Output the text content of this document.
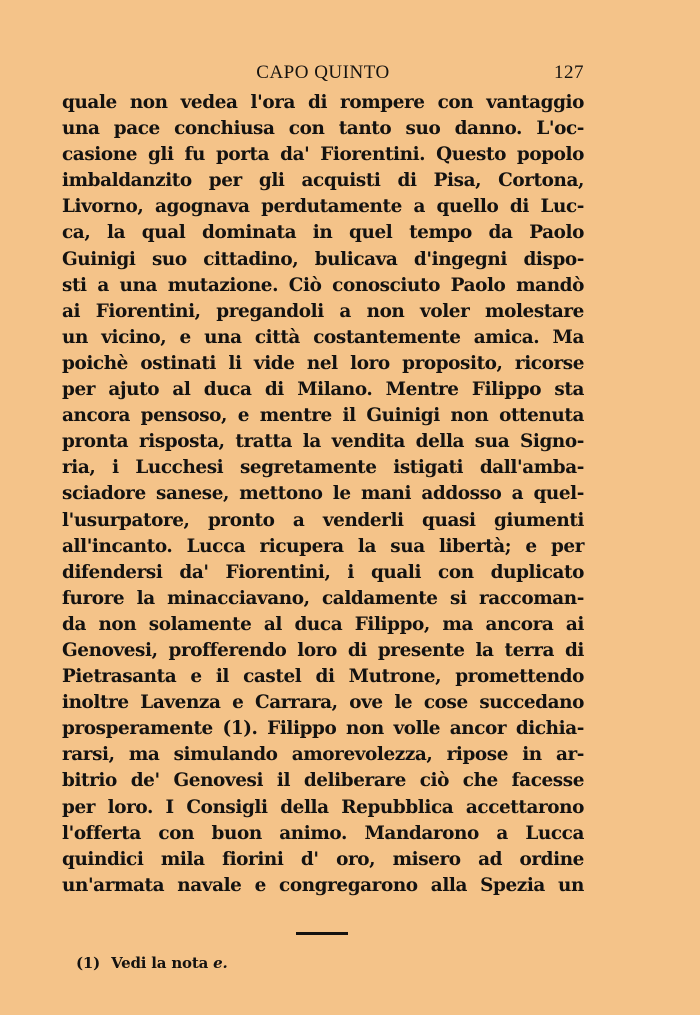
CAPO QUINTO	127
quale non vedea l'ora di rompere con vantaggio
una pace conchiusa con tanto suo danno. L'oc-
casione gli fu porta da' Fiorentini. Questo popolo
imbaldanzito per gli acquisti di Pisa, Cortona,
Livorno, agognava perdutamente a quello di Luc-
ca, la qual dominata in quel tempo da Paolo
Guinigi suo cittadino, bulicava d'ingegni dispo-
sti a una mutazione. Ciò conosciuto Paolo mandò
ai Fiorentini, pregandoli a non voler molestare
un vicino, e una città costantemente amica. Ma
poichè ostinati li vide nel loro proposito, ricorse
per ajuto al duca di Milano. Mentre Filippo sta
ancora pensoso, e mentre il Guinigi non ottenuta
pronta risposta, tratta la vendita della sua Signo-
ria, i Lucchesi segretamente istigati dall'amba-
sciadore sanese, mettono le mani addosso a quel-
l'usurpatore, pronto a venderli quasi giumenti
all'incanto. Lucca ricupera la sua libertà; e per
difendersi da' Fiorentini, i quali con duplicato
furore la minacciavano, caldamente si raccoman-
da non solamente al duca Filippo, ma ancora ai
Genovesi, profferendo loro di presente la terra di
Pietrasanta e il castel di Mutrone, promettendo
inoltre Lavenza e Carrara, ove le cose succedano
prosperamente (1). Filippo non volle ancor dichia-
rarsi, ma simulando amorevolezza, ripose in ar-
bitrio de' Genovesi il deliberare ciò che facesse
per loro. I Consigli della Repubblica accettarono
l'offerta con buon animo. Mandarono a Lucca
quindici mila fiorini d' oro, misero ad ordine
un'armata navale e congregarono alla Spezia un
(1) Vedi la nota e.
